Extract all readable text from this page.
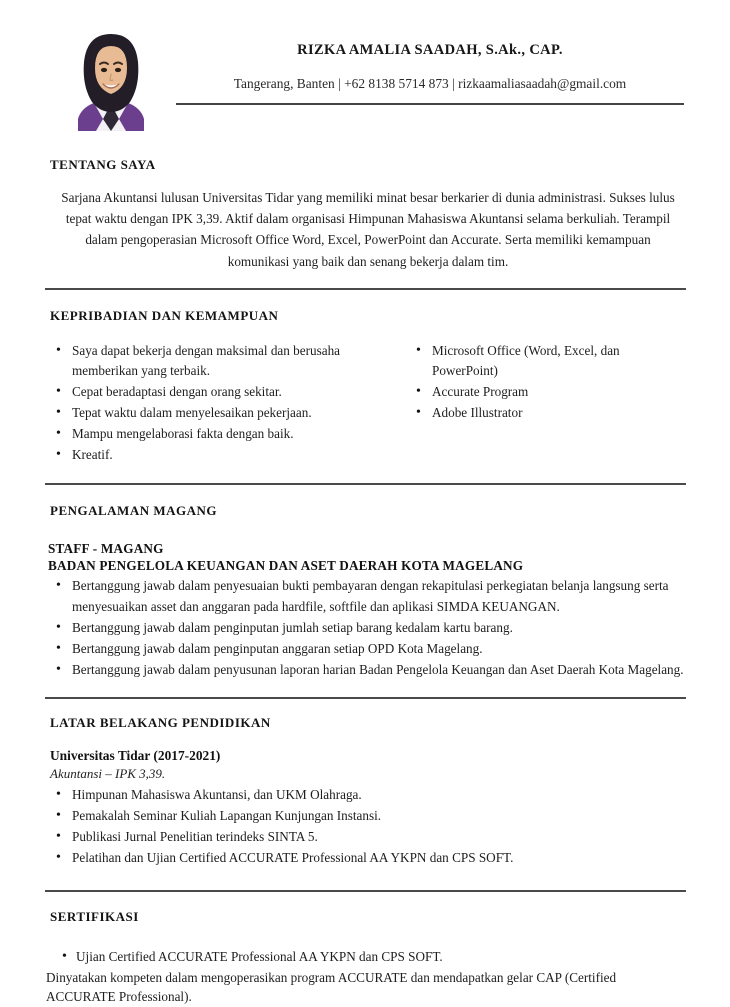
RIZKA AMALIA SAADAH, S.Ak., CAP.
Tangerang, Banten | +62 8138 5714 873 | rizkaamaliasaadah@gmail.com
TENTANG SAYA

Sarjana Akuntansi lulusan Universitas Tidar yang memiliki minat besar berkarier di dunia administrasi. Sukses lulus tepat waktu dengan IPK 3,39. Aktif dalam organisasi Himpunan Mahasiswa Akuntansi selama berkuliah. Terampil dalam pengoperasian Microsoft Office Word, Excel, PowerPoint dan Accurate. Serta memiliki kemampuan komunikasi yang baik dan senang bekerja dalam tim.

KEPRIBADIAN DAN KEMAMPUAN
• Saya dapat bekerja dengan maksimal dan berusaha memberikan yang terbaik.
• Cepat beradaptasi dengan orang sekitar.
• Tepat waktu dalam menyelesaikan pekerjaan.
• Mampu mengelaborasi fakta dengan baik.
• Kreatif.
• Microsoft Office (Word, Excel, dan PowerPoint)
• Accurate Program
• Adobe Illustrator
PENGALAMAN MAGANG
STAFF - MAGANG
BADAN PENGELOLA KEUANGAN DAN ASET DAERAH KOTA MAGELANG
• Bertanggung jawab dalam penyesuaian bukti pembayaran dengan rekapitulasi perkegiatan belanja langsung serta menyesuaikan asset dan anggaran pada hardfile, softfile dan aplikasi SIMDA KEUANGAN.
• Bertanggung jawab dalam penginputan jumlah setiap barang kedalam kartu barang.
• Bertanggung jawab dalam penginputan anggaran setiap OPD Kota Magelang.
• Bertanggung jawab dalam penyusunan laporan harian Badan Pengelola Keuangan dan Aset Daerah Kota Magelang.
LATAR BELAKANG PENDIDIKAN
Universitas Tidar (2017-2021)
Akuntansi – IPK 3,39.
• Himpunan Mahasiswa Akuntansi, dan UKM Olahraga.
• Pemakalah Seminar Kuliah Lapangan Kunjungan Instansi.
• Publikasi Jurnal Penelitian terindeks SINTA 5.
• Pelatihan dan Ujian Certified ACCURATE Professional AA YKPN dan CPS SOFT.
SERTIFIKASI
• Ujian Certified ACCURATE Professional AA YKPN dan CPS SOFT.

Dinyatakan kompeten dalam mengoperasikan program ACCURATE dan mendapatkan gelar CAP (Certified ACCURATE Professional).
